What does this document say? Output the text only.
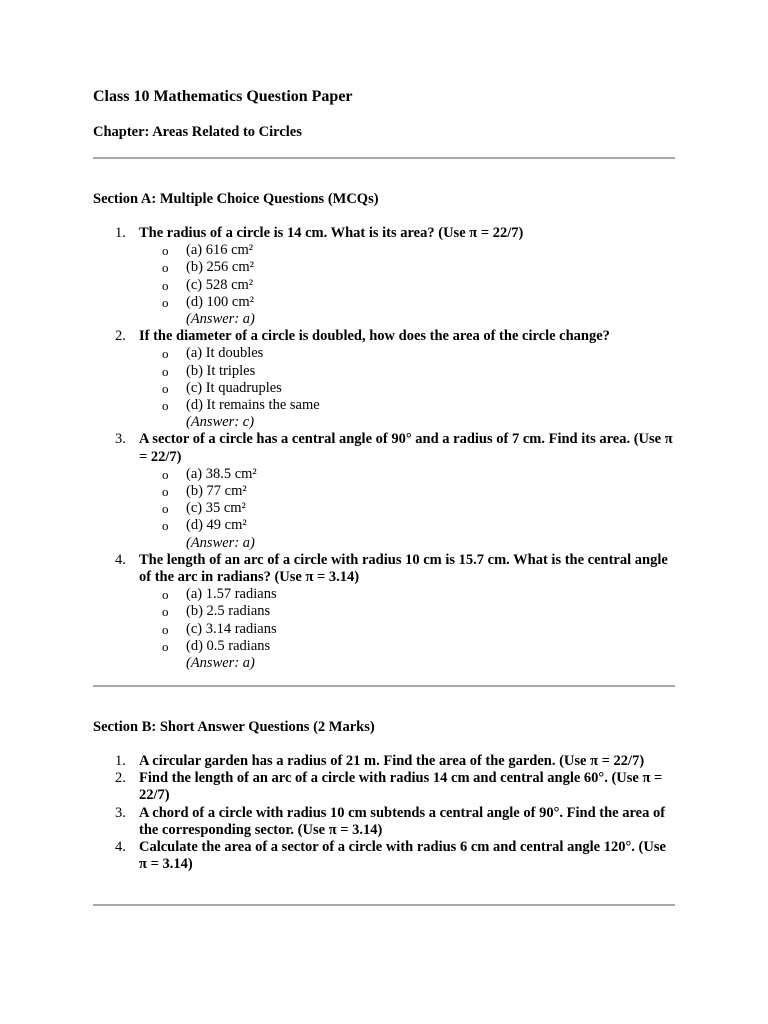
Class 10 Mathematics Question Paper
Chapter: Areas Related to Circles
Section A: Multiple Choice Questions (MCQs)
1. The radius of a circle is 14 cm. What is its area? (Use π = 22/7)
o (a) 616 cm²
o (b) 256 cm²
o (c) 528 cm²
o (d) 100 cm²
(Answer: a)
2. If the diameter of a circle is doubled, how does the area of the circle change?
o (a) It doubles
o (b) It triples
o (c) It quadruples
o (d) It remains the same
(Answer: c)
3. A sector of a circle has a central angle of 90° and a radius of 7 cm. Find its area. (Use π = 22/7)
o (a) 38.5 cm²
o (b) 77 cm²
o (c) 35 cm²
o (d) 49 cm²
(Answer: a)
4. The length of an arc of a circle with radius 10 cm is 15.7 cm. What is the central angle of the arc in radians? (Use π = 3.14)
o (a) 1.57 radians
o (b) 2.5 radians
o (c) 3.14 radians
o (d) 0.5 radians
(Answer: a)
Section B: Short Answer Questions (2 Marks)
1. A circular garden has a radius of 21 m. Find the area of the garden. (Use π = 22/7)
2. Find the length of an arc of a circle with radius 14 cm and central angle 60°. (Use π = 22/7)
3. A chord of a circle with radius 10 cm subtends a central angle of 90°. Find the area of the corresponding sector. (Use π = 3.14)
4. Calculate the area of a sector of a circle with radius 6 cm and central angle 120°. (Use π = 3.14)
